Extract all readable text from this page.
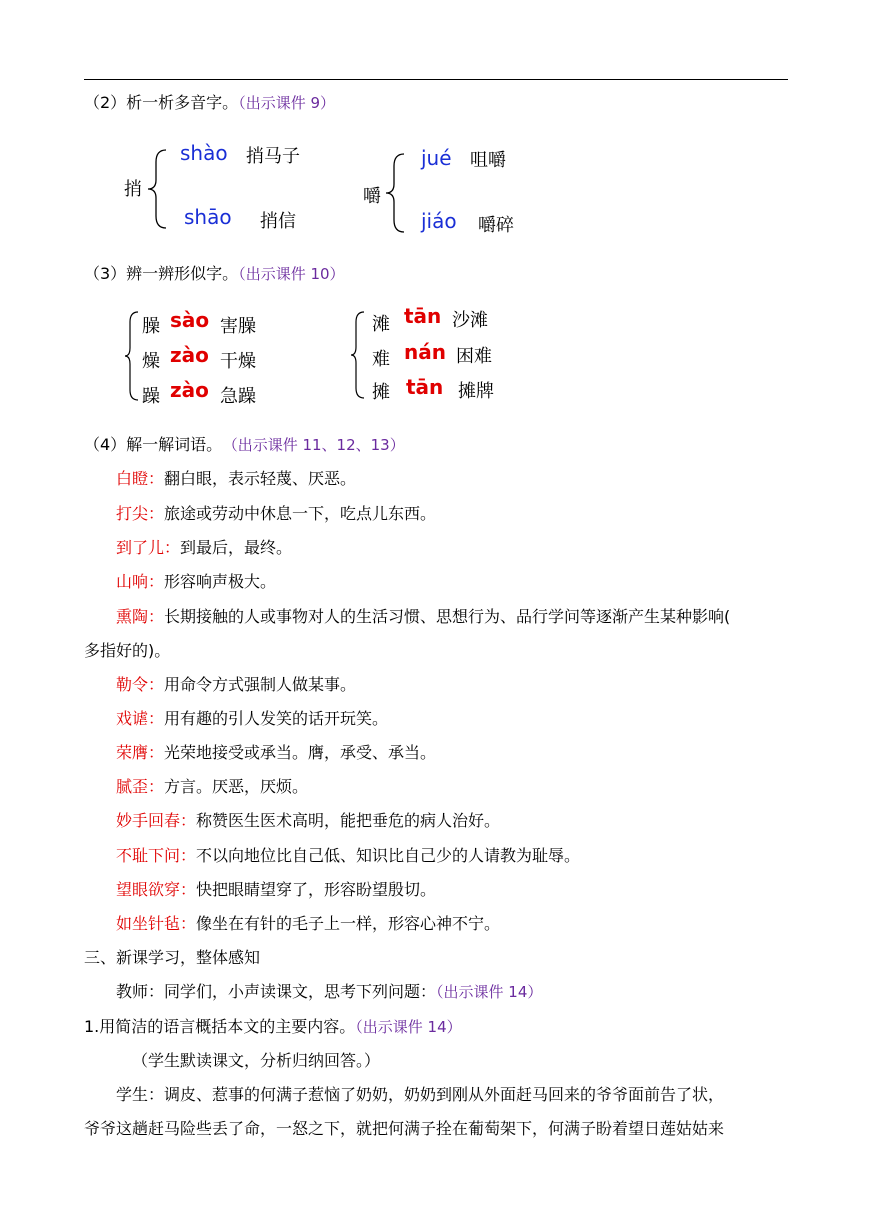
（2）析一析多音字。（出示课件 9）
捎
shào 捎马子
shāo 捎信
嚼
jué 咀嚼
jiáo 嚼碎
（3）辨一辨形似字。（出示课件 10）
臊 sào 害臊
燥 zào 干燥
躁 zào 急躁
滩 tān 沙滩
难 nán 困难
摊 tān 摊牌
（4）解一解词语。 （出示课件 11、12、13）
白瞪：翻白眼，表示轻蔑、厌恶。
打尖：旅途或劳动中休息一下，吃点儿东西。
到了儿：到最后，最终。
山响：形容响声极大。
熏陶：长期接触的人或事物对人的生活习惯、思想行为、品行学问等逐渐产生某种影响(
多指好的)。
勒令：用命令方式强制人做某事。
戏谑：用有趣的引人发笑的话开玩笑。
荣膺：光荣地接受或承当。膺，承受、承当。
腻歪：方言。厌恶，厌烦。
妙手回春：称赞医生医术高明，能把垂危的病人治好。
不耻下问：不以向地位比自己低、知识比自己少的人请教为耻辱。
望眼欲穿：快把眼睛望穿了，形容盼望殷切。
如坐针毡：像坐在有针的毛子上一样，形容心神不宁。
三、新课学习，整体感知
教师：同学们，小声读课文，思考下列问题：（出示课件 14）
1.用简洁的语言概括本文的主要内容。（出示课件 14）
（学生默读课文，分析归纳回答。）
学生：调皮、惹事的何满子惹恼了奶奶，奶奶到刚从外面赶马回来的爷爷面前告了状，
爷爷这趟赶马险些丢了命，一怒之下，就把何满子拴在葡萄架下，何满子盼着望日莲姑姑来
